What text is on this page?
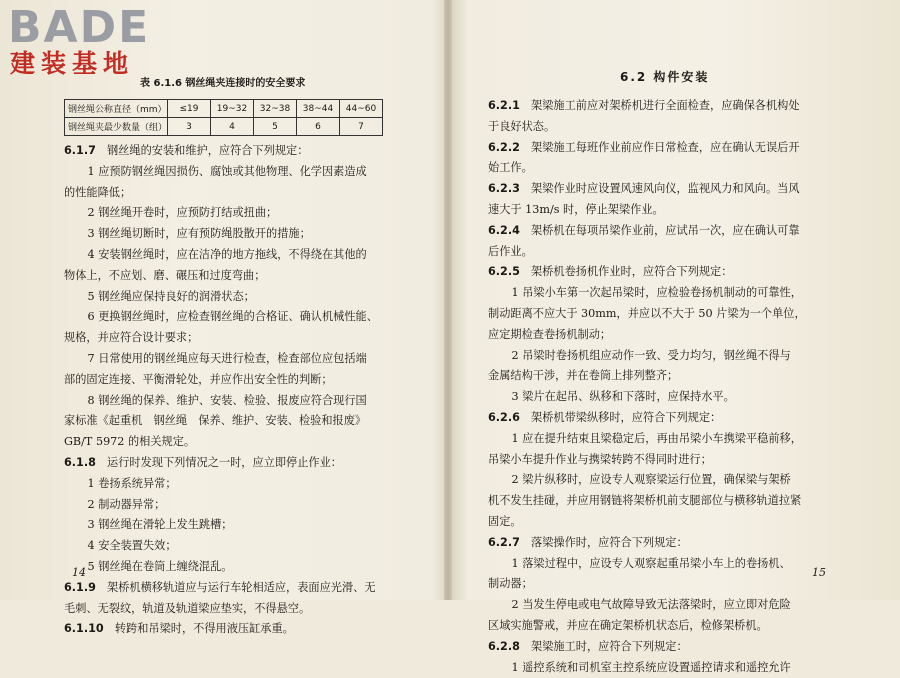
BADE
建装基地
表 6.1.6 钢丝绳夹连接时的安全要求
钢丝绳公称直径（mm）	≤19	19~32	32~38	38~44	44~60
钢丝绳夹最少数量（组）	3	4	5	6	7

6.1.7  钢丝绳的安装和维护，应符合下列规定：

1 应预防钢丝绳因损伤、腐蚀或其他物理、化学因素造成

的性能降低；

2 钢丝绳开卷时，应预防打结或扭曲；

3 钢丝绳切断时，应有预防绳股散开的措施；

4 安装钢丝绳时，应在洁净的地方拖线，不得绕在其他的

物体上，不应划、磨、碾压和过度弯曲；

5 钢丝绳应保持良好的润滑状态；

6 更换钢丝绳时，应检查钢丝绳的合格证、确认机械性能、

规格，并应符合设计要求；

7 日常使用的钢丝绳应每天进行检查，检查部位应包括端

部的固定连接、平衡滑轮处，并应作出安全性的判断；

8 钢丝绳的保养、维护、安装、检验、报废应符合现行国

家标准《起重机　钢丝绳　保养、维护、安装、检验和报废》

GB/T 5972 的相关规定。

6.1.8  运行时发现下列情况之一时，应立即停止作业：

1 卷扬系统异常；

2 制动器异常；

3 钢丝绳在滑轮上发生跳槽；

4 安全装置失效；

5 钢丝绳在卷筒上缠绕混乱。

6.1.9  架桥机横移轨道应与运行车轮相适应，表面应光滑、无

毛刺、无裂纹，轨道及轨道梁应垫实，不得悬空。

6.1.10  转跨和吊梁时，不得用液压缸承重。

6.2 构件安装

6.2.1  架梁施工前应对架桥机进行全面检查，应确保各机构处

于良好状态。

6.2.2  架梁施工每班作业前应作日常检查，应在确认无误后开

始工作。

6.2.3  架梁作业时应设置风速风向仪，监视风力和风向。当风

速大于 13m/s 时，停止架梁作业。

6.2.4  架桥机在每项吊梁作业前，应试吊一次，应在确认可靠

后作业。

6.2.5  架桥机卷扬机作业时，应符合下列规定：

1 吊梁小车第一次起吊梁时，应检验卷扬机制动的可靠性，

制动距离不应大于 30mm，并应以不大于 50 片梁为一个单位，

应定期检查卷扬机制动；

2 吊梁时卷扬机组应动作一致、受力均匀，钢丝绳不得与

金属结构干涉，并在卷筒上排列整齐；

3 梁片在起吊、纵移和下落时，应保持水平。

6.2.6  架桥机带梁纵移时，应符合下列规定：

1 应在提升结束且梁稳定后，再由吊梁小车携梁平稳前移，

吊梁小车提升作业与携梁转跨不得同时进行；

2 梁片纵移时，应设专人观察梁运行位置，确保梁与架桥

机不发生挂碰，并应用钢链将架桥机前支腿部位与横移轨道拉紧

固定。

6.2.7  落梁操作时，应符合下列规定：

1 落梁过程中，应设专人观察起重吊梁小车上的卷扬机、

制动器；

2 当发生停电或电气故障导致无法落梁时，应立即对危险

区域实施警戒，并应在确定架桥机状态后，检修架桥机。

6.2.8  架梁施工时，应符合下列规定：

1 遥控系统和司机室主控系统应设置遥控请求和遥控允许

14	15
